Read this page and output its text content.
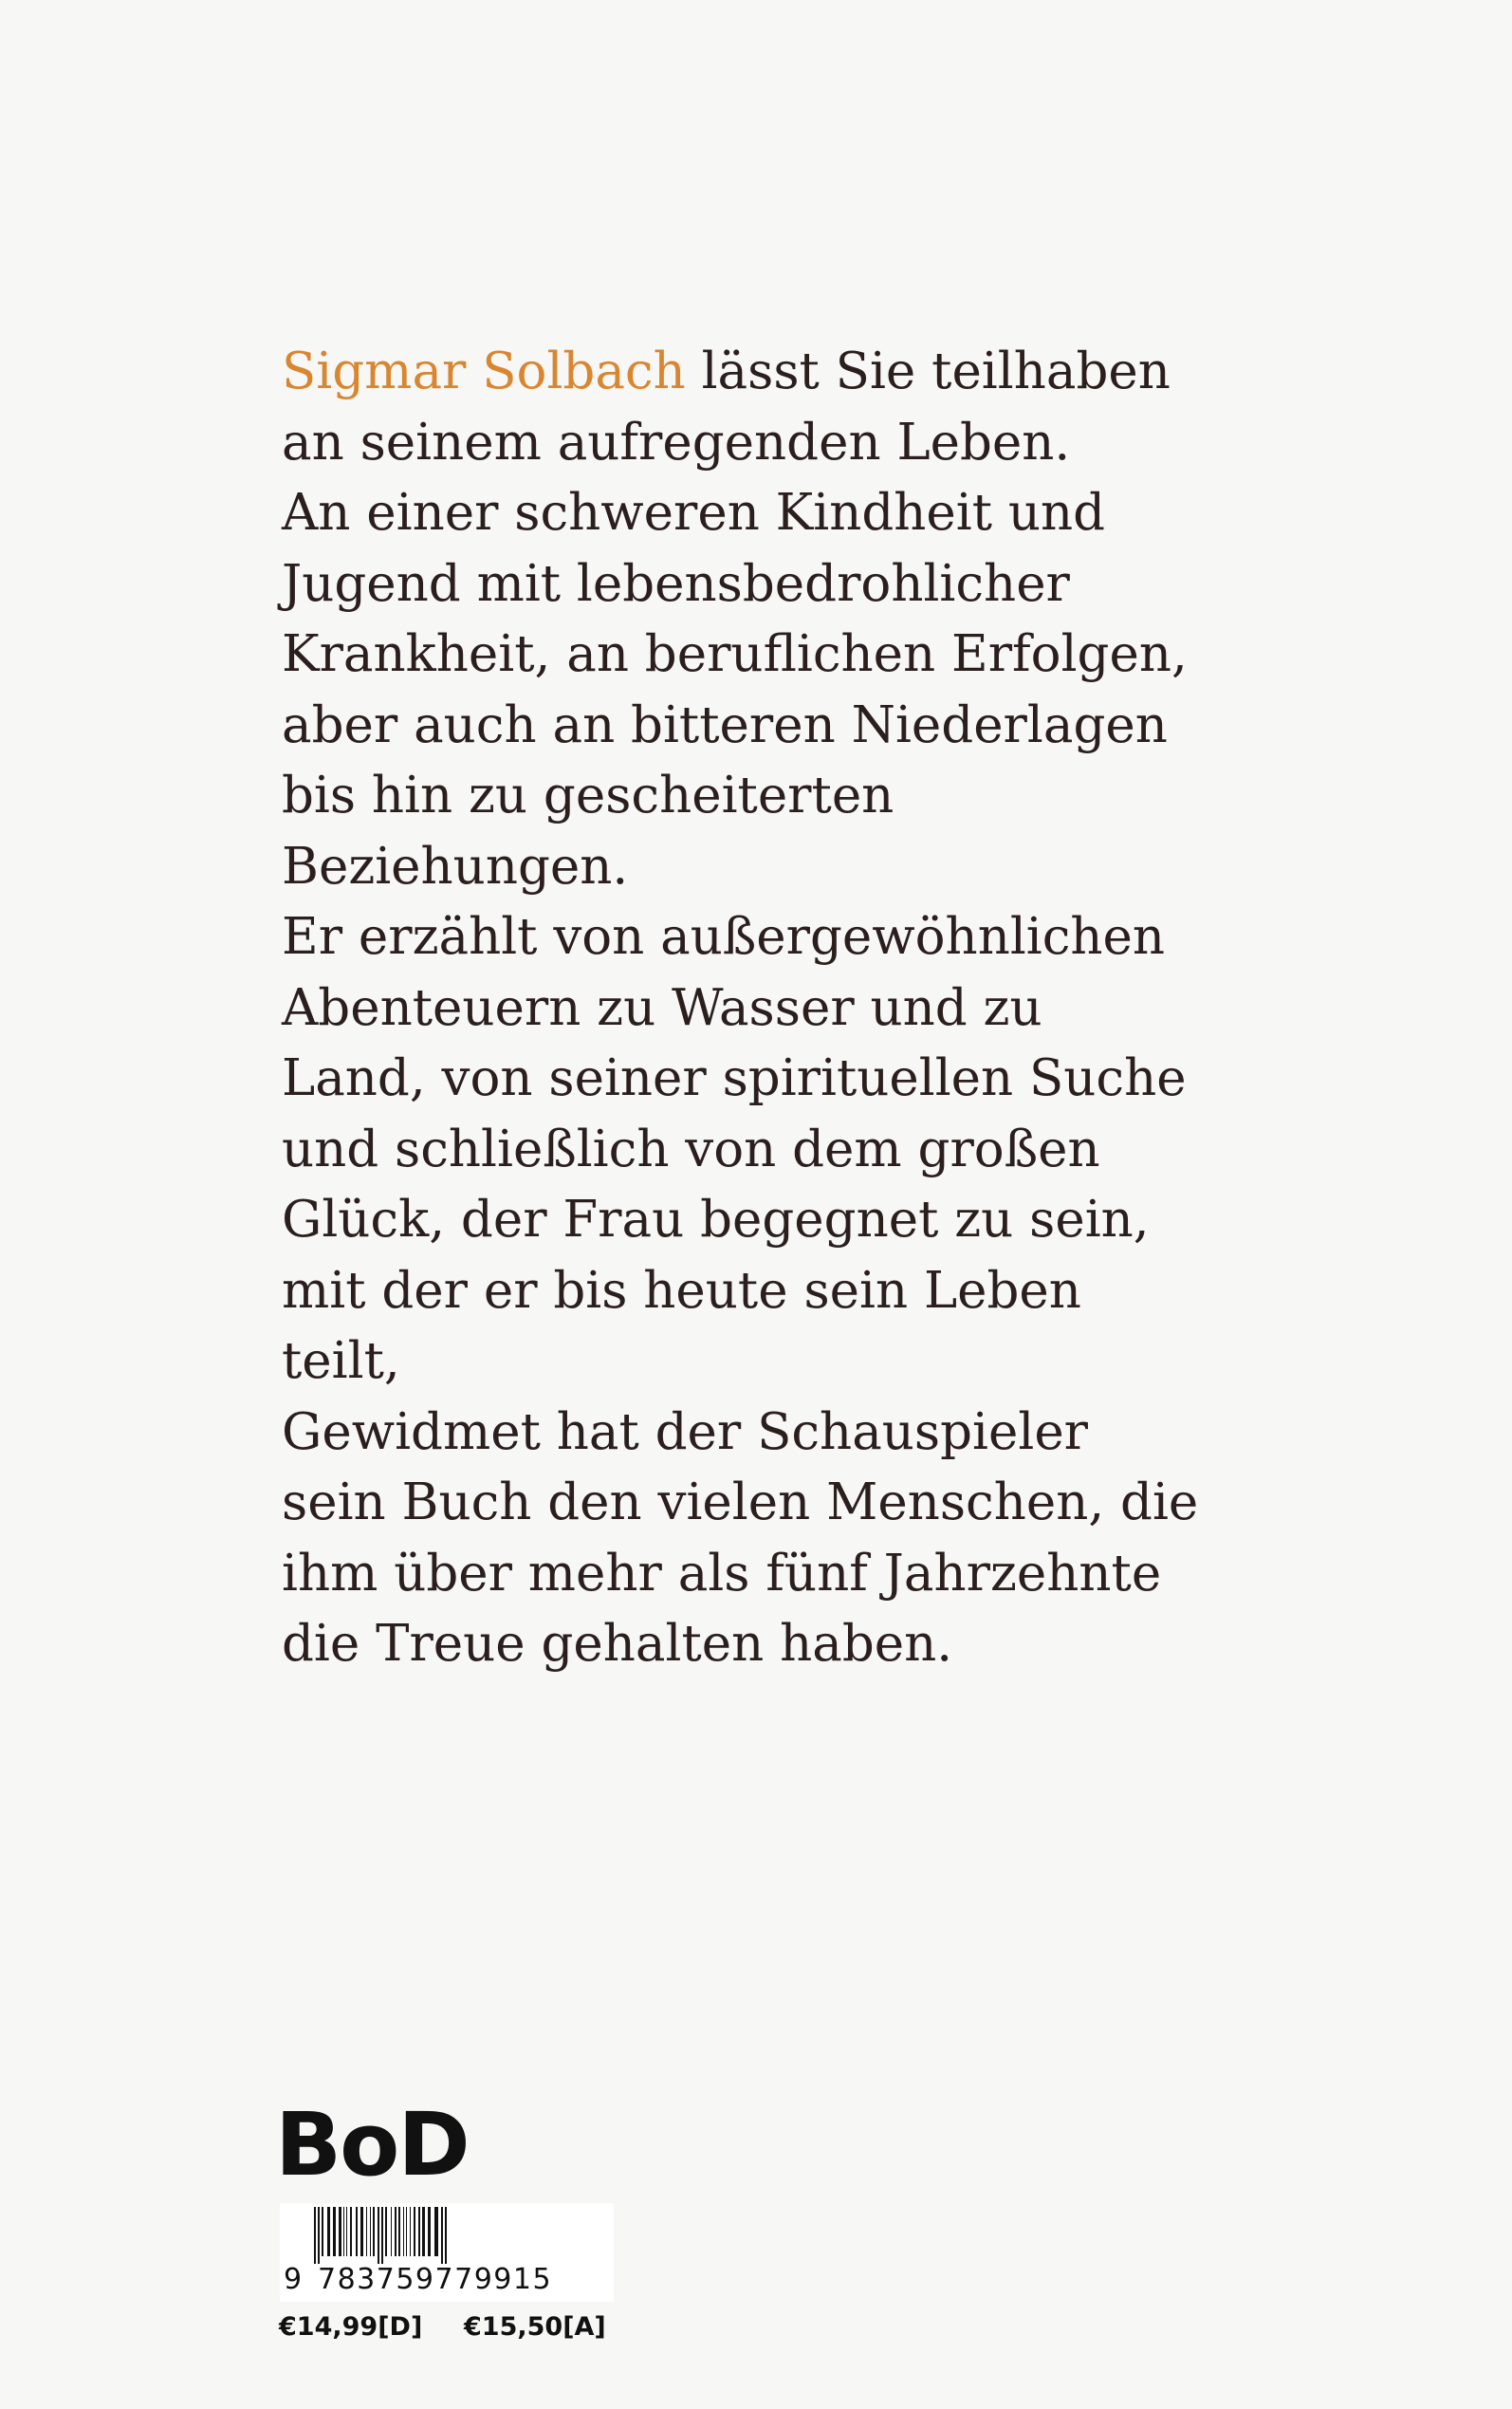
Sigmar Solbach lässt Sie teilhaben
an seinem aufregenden Leben.
An einer schweren Kindheit und
Jugend mit lebensbedrohlicher
Krankheit, an beruflichen Erfolgen,
aber auch an bitteren Niederlagen
bis hin zu gescheiterten
Beziehungen.
Er erzählt von außergewöhnlichen
Abenteuern zu Wasser und zu
Land, von seiner spirituellen Suche
und schließlich von dem großen
Glück, der Frau begegnet zu sein,
mit der er bis heute sein Leben
teilt,
Gewidmet hat der Schauspieler
sein Buch den vielen Menschen, die
ihm über mehr als fünf Jahrzehnte
die Treue gehalten haben.
BoD
9 783759779915
€14,99[D] €15,50[A]
